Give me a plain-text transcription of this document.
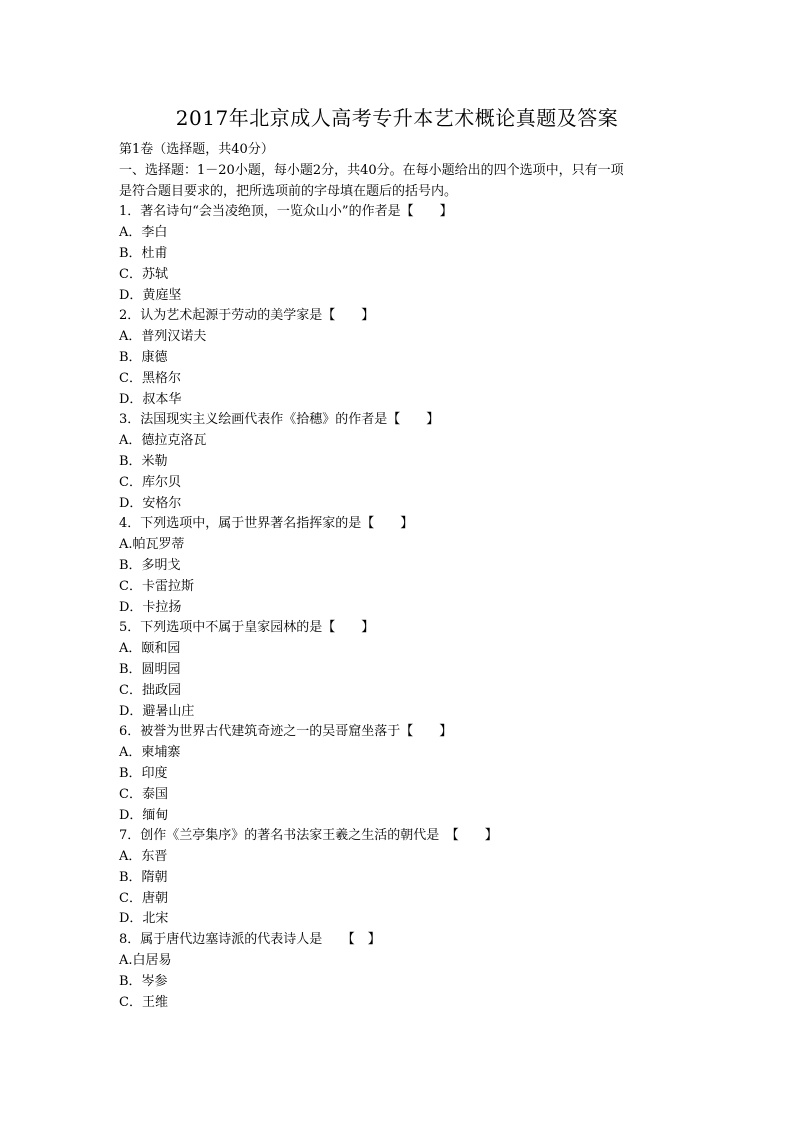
2017年北京成人高考专升本艺术概论真题及答案
第1卷（选择题，共40分）
一、选择题：1－20小题，每小题2分，共40分。在每小题给出的四个选项中，只有一项
是符合题目要求的，把所选项前的字母填在题后的括号内。
1．著名诗句“会当凌绝顶，一览众山小”的作者是【　　】
A．李白
B．杜甫
C．苏轼
D．黄庭坚
2．认为艺术起源于劳动的美学家是【　　】
A．普列汉诺夫
B．康德
C．黑格尔
D．叔本华
3．法国现实主义绘画代表作《拾穗》的作者是【　　】
A．德拉克洛瓦
B．米勒
C．库尔贝
D．安格尔
4．下列选项中，属于世界著名指挥家的是【　　】
A.帕瓦罗蒂
B．多明戈
C．卡雷拉斯
D．卡拉扬
5．下列选项中不属于皇家园林的是【　　】
A．颐和园
B．圆明园
C．拙政园
D．避暑山庄
6．被誉为世界古代建筑奇迹之一的吴哥窟坐落于【　　】
A．柬埔寨
B．印度
C．泰国
D．缅甸
7．创作《兰亭集序》的著名书法家王羲之生活的朝代是　【　　】
A．东晋
B．隋朝
C．唐朝
D．北宋
8．属于唐代边塞诗派的代表诗人是　　【　】
A.白居易
B．岑参
C．王维
